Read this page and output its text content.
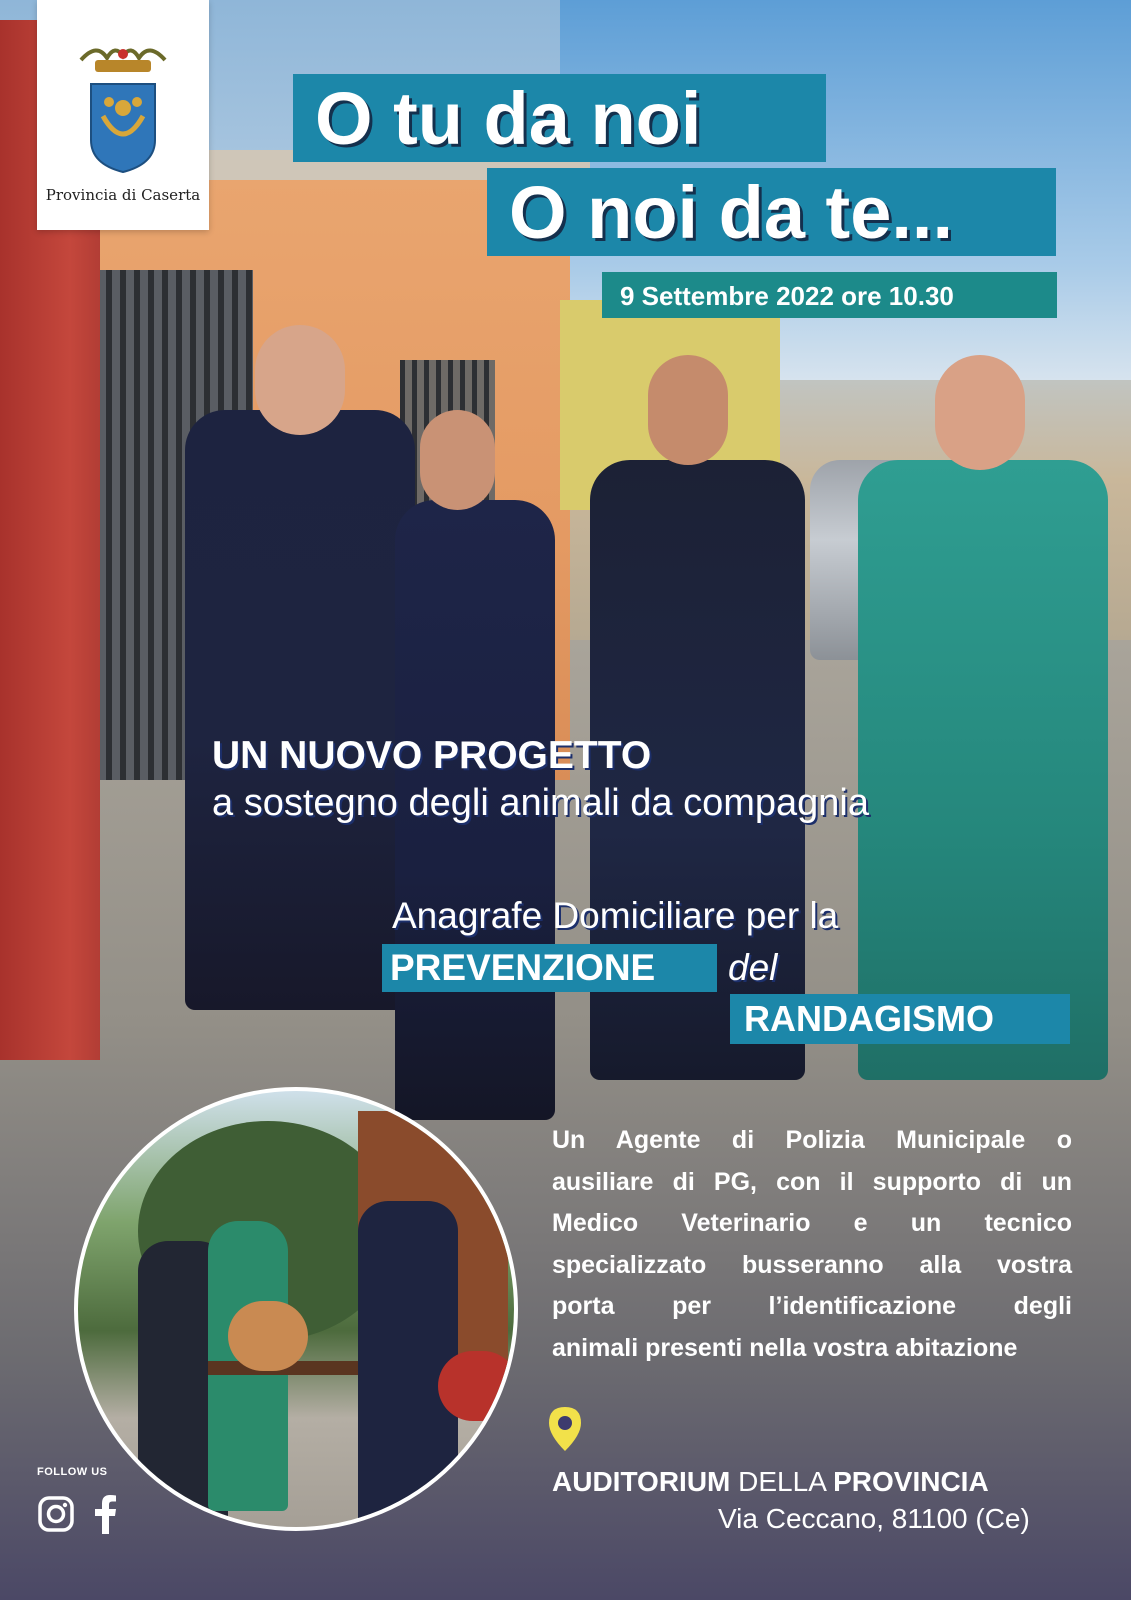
Provincia di Caserta
O tu da noi
O noi da te...
9 Settembre 2022 ore 10.30
UN NUOVO PROGETTO
a sostegno degli animali da compagnia
Anagrafe Domiciliare per la
PREVENZIONE del
RANDAGISMO
Un Agente di Polizia Municipale o
ausiliare di PG, con il supporto di un
Medico Veterinario e un tecnico
specializzato busseranno alla vostra
porta per l’identificazione degli
animali presenti nella vostra abitazione
FOLLOW US	AUDITORIUM DELLA PROVINCIA
Via Ceccano, 81100 (Ce)
